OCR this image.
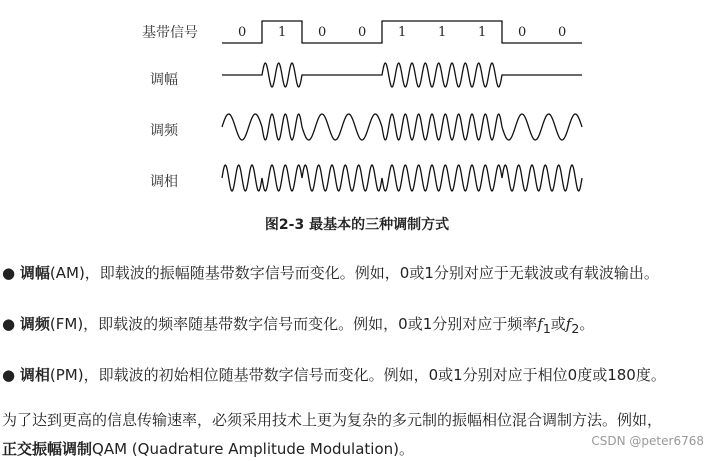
基带信号
调幅
调频
调相
0 1 0 0 1 1 1 0 0
图2-3 最基本的三种调制方式
● 调幅(AM)，即载波的振幅随基带数字信号而变化。例如，0或1分别对应于无载波或有载波输出。
● 调频(FM)，即载波的频率随基带数字信号而变化。例如，0或1分别对应于频率$f_1$或$f_2$。
● 调相(PM)，即载波的初始相位随基带数字信号而变化。例如，0或1分别对应于相位0度或180度。
为了达到更高的信息传输速率，必须采用技术上更为复杂的多元制的振幅相位混合调制方法。例如，
正交振幅调制QAM (Quadrature Amplitude Modulation)。	CSDN @peter6768
